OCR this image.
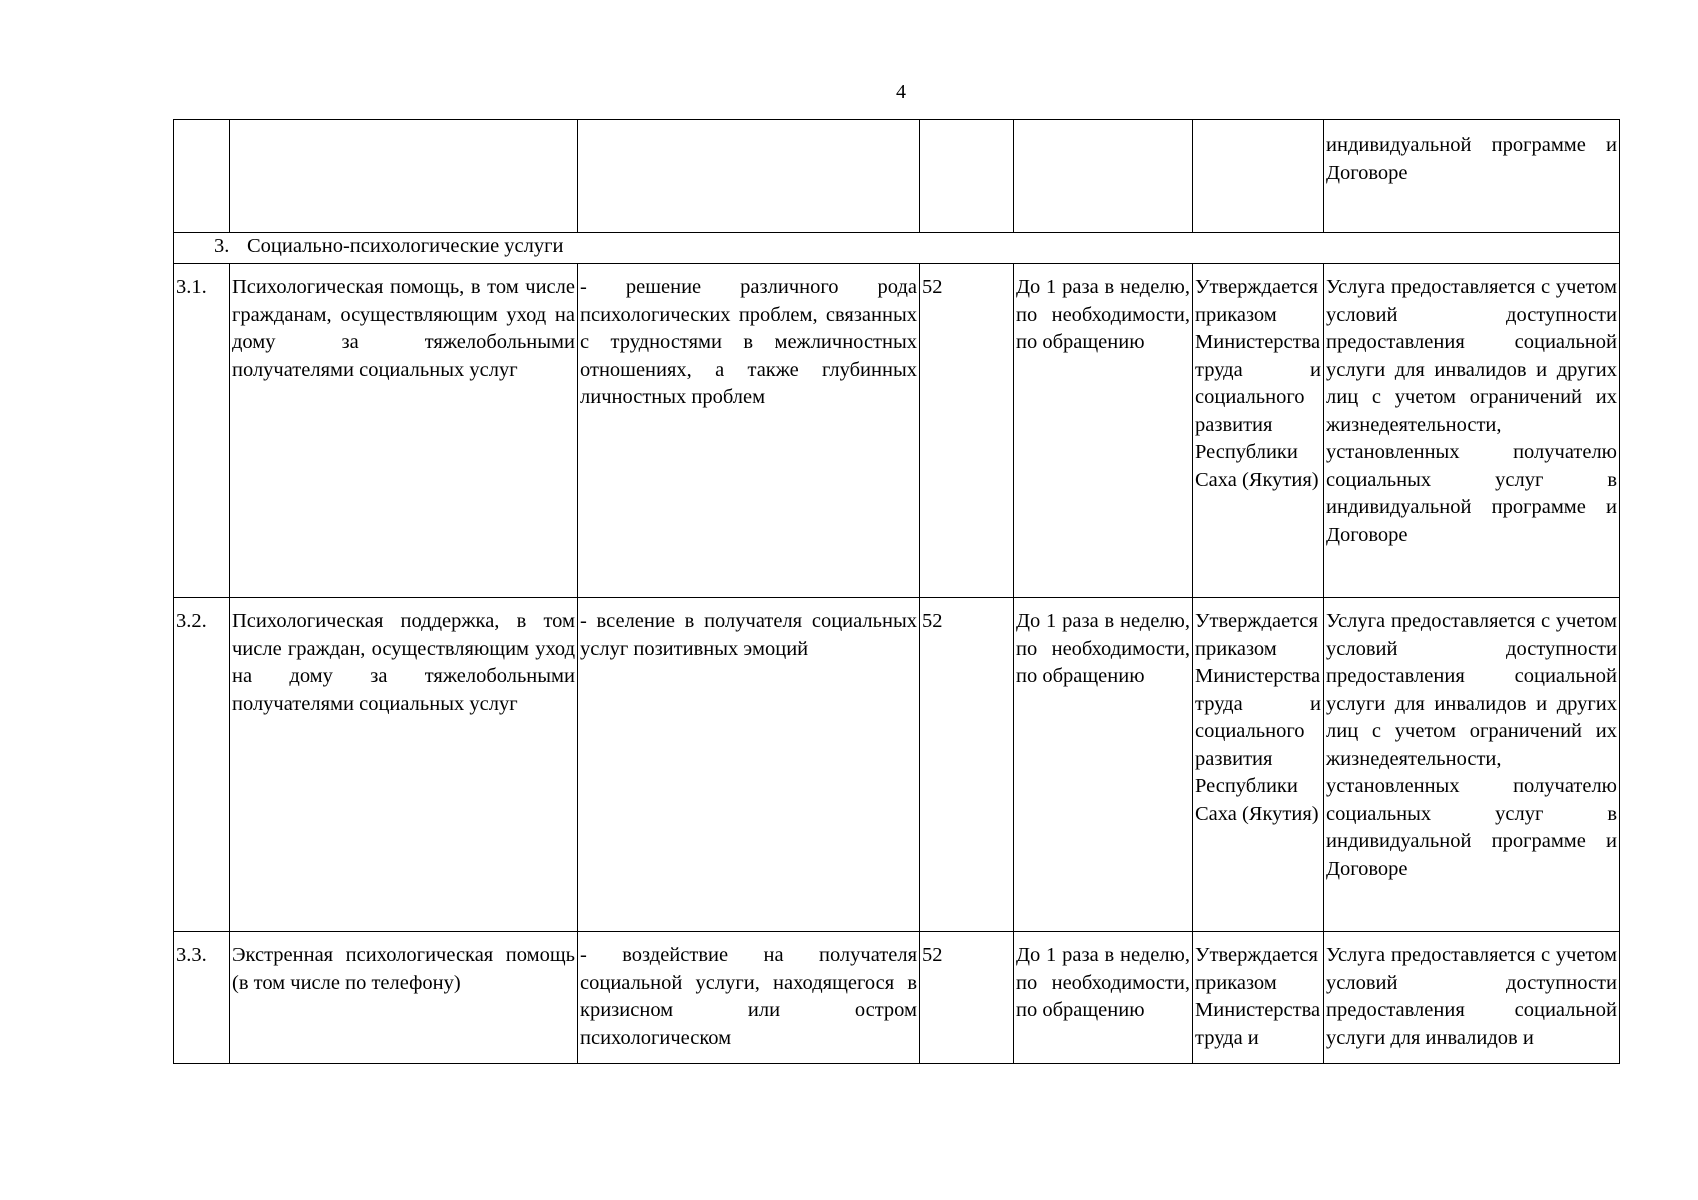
4
						индивидуальной программе и Договоре
3. Социально-психологические услуги						
3.1.	Психологическая помощь, в том числе гражданам, осуществляющим уход на дому за тяжелобольными получателями социальных услуг	- решение различного рода психологических проблем, связанных с трудностями в межличностных отношениях, а также глубинных личностных проблем	52	До 1 раза в неделю, по необходимости, по обращению	Утверждается приказом Министерства труда и социального развития Республики Саха (Якутия)	Услуга предоставляется с учетом условий доступности предоставления социальной услуги для инвалидов и других лиц с учетом ограничений их жизнедеятельности, установленных получателю социальных услуг в индивидуальной программе и Договоре
3.2.	Психологическая поддержка, в том числе граждан, осуществляющим уход на дому за тяжелобольными получателями социальных услуг	- вселение в получателя социальных услуг позитивных эмоций	52	До 1 раза в неделю, по необходимости, по обращению	Утверждается приказом Министерства труда и социального развития Республики Саха (Якутия)	Услуга предоставляется с учетом условий доступности предоставления социальной услуги для инвалидов и других лиц с учетом ограничений их жизнедеятельности, установленных получателю социальных услуг в индивидуальной программе и Договоре
3.3.	Экстренная психологическая помощь (в том числе по телефону)	- воздействие на получателя социальной услуги, находящегося в кризисном или остром психологическом	52	До 1 раза в неделю, по необходимости, по обращению	Утверждается приказом Министерства труда и	Услуга предоставляется с учетом условий доступности предоставления социальной услуги для инвалидов и
